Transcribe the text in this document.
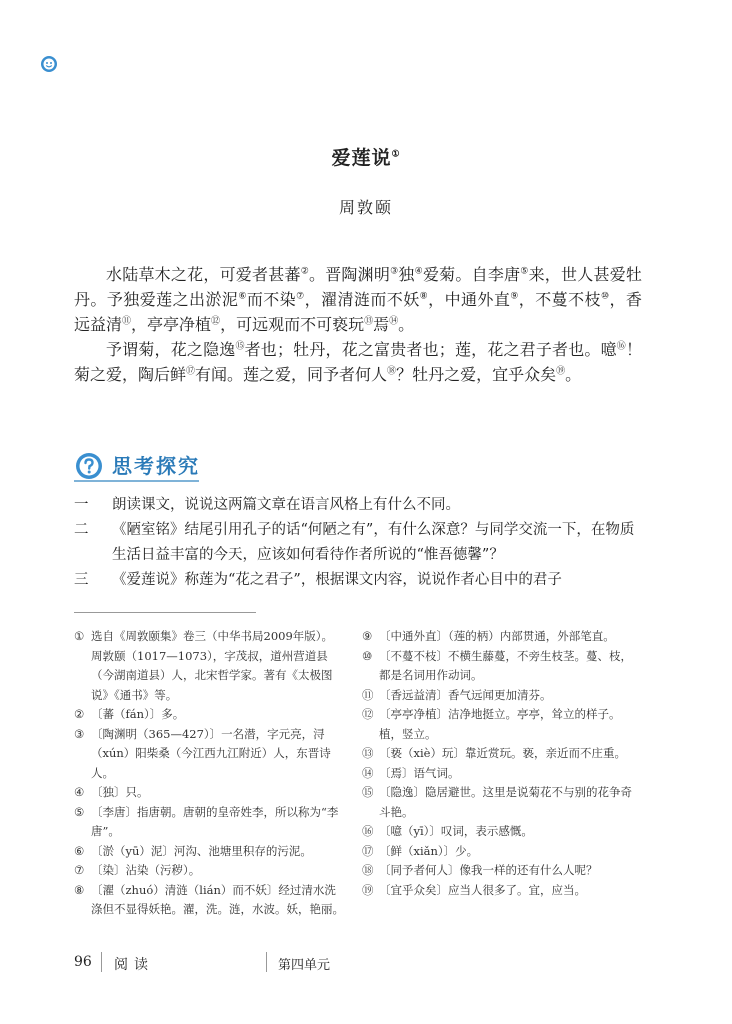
爱莲说①
周敦颐

水陆草木之花，可爱者甚蕃②。晋陶渊明③独④爱菊。自李唐⑤来，世人甚爱牡丹。予独爱莲之出淤泥⑥而不染⑦，濯清涟而不妖⑧，中通外直⑨，不蔓不枝⑩，香远益清⑪，亭亭净植⑫，可远观而不可亵玩⑬焉⑭。

予谓菊，花之隐逸⑮者也；牡丹，花之富贵者也；莲，花之君子者也。噫⑯！菊之爱，陶后鲜⑰有闻。莲之爱，同予者何人⑱？牡丹之爱，宜乎众矣⑲。

思考探究
一 朗读课文，说说这两篇文章在语言风格上有什么不同。
二 《陋室铭》结尾引用孔子的话“何陋之有”，有什么深意？与同学交流一下，在物质生活日益丰富的今天，应该如何看待作者所说的“惟吾德馨”？
三 《爱莲说》称莲为“花之君子”，根据课文内容，说说作者心目中的君子
① 选自《周敦颐集》卷三（中华书局2009年版）。周敦颐（1017—1073），字茂叔，道州营道县（今湖南道县）人，北宋哲学家。著有《太极图说》《通书》等。
② 〔蕃（fán）〕多。
③ 〔陶渊明（365—427）〕一名潜，字元亮，浔（xún）阳柴桑（今江西九江附近）人，东晋诗人。
④ 〔独〕只。
⑤ 〔李唐〕指唐朝。唐朝的皇帝姓李，所以称为“李唐”。
⑥ 〔淤（yū）泥〕河沟、池塘里积存的污泥。
⑦ 〔染〕沾染（污秽）。
⑧ 〔濯（zhuó）清涟（lián）而不妖〕经过清水洗涤但不显得妖艳。濯，洗。涟，水波。妖，艳丽。
⑨ 〔中通外直〕（莲的柄）内部贯通，外部笔直。
⑩ 〔不蔓不枝〕不横生藤蔓，不旁生枝茎。蔓、枝，都是名词用作动词。
⑪ 〔香远益清〕香气远闻更加清芬。
⑫ 〔亭亭净植〕洁净地挺立。亭亭，耸立的样子。植，竖立。
⑬ 〔亵（xiè）玩〕靠近赏玩。亵，亲近而不庄重。
⑭ 〔焉〕语气词。
⑮ 〔隐逸〕隐居避世。这里是说菊花不与别的花争奇斗艳。
⑯ 〔噫（yī）〕叹词，表示感慨。
⑰ 〔鲜（xiǎn）〕少。
⑱ 〔同予者何人〕像我一样的还有什么人呢？
⑲ 〔宜乎众矣〕应当人很多了。宜，应当。
96 阅读	第四单元
